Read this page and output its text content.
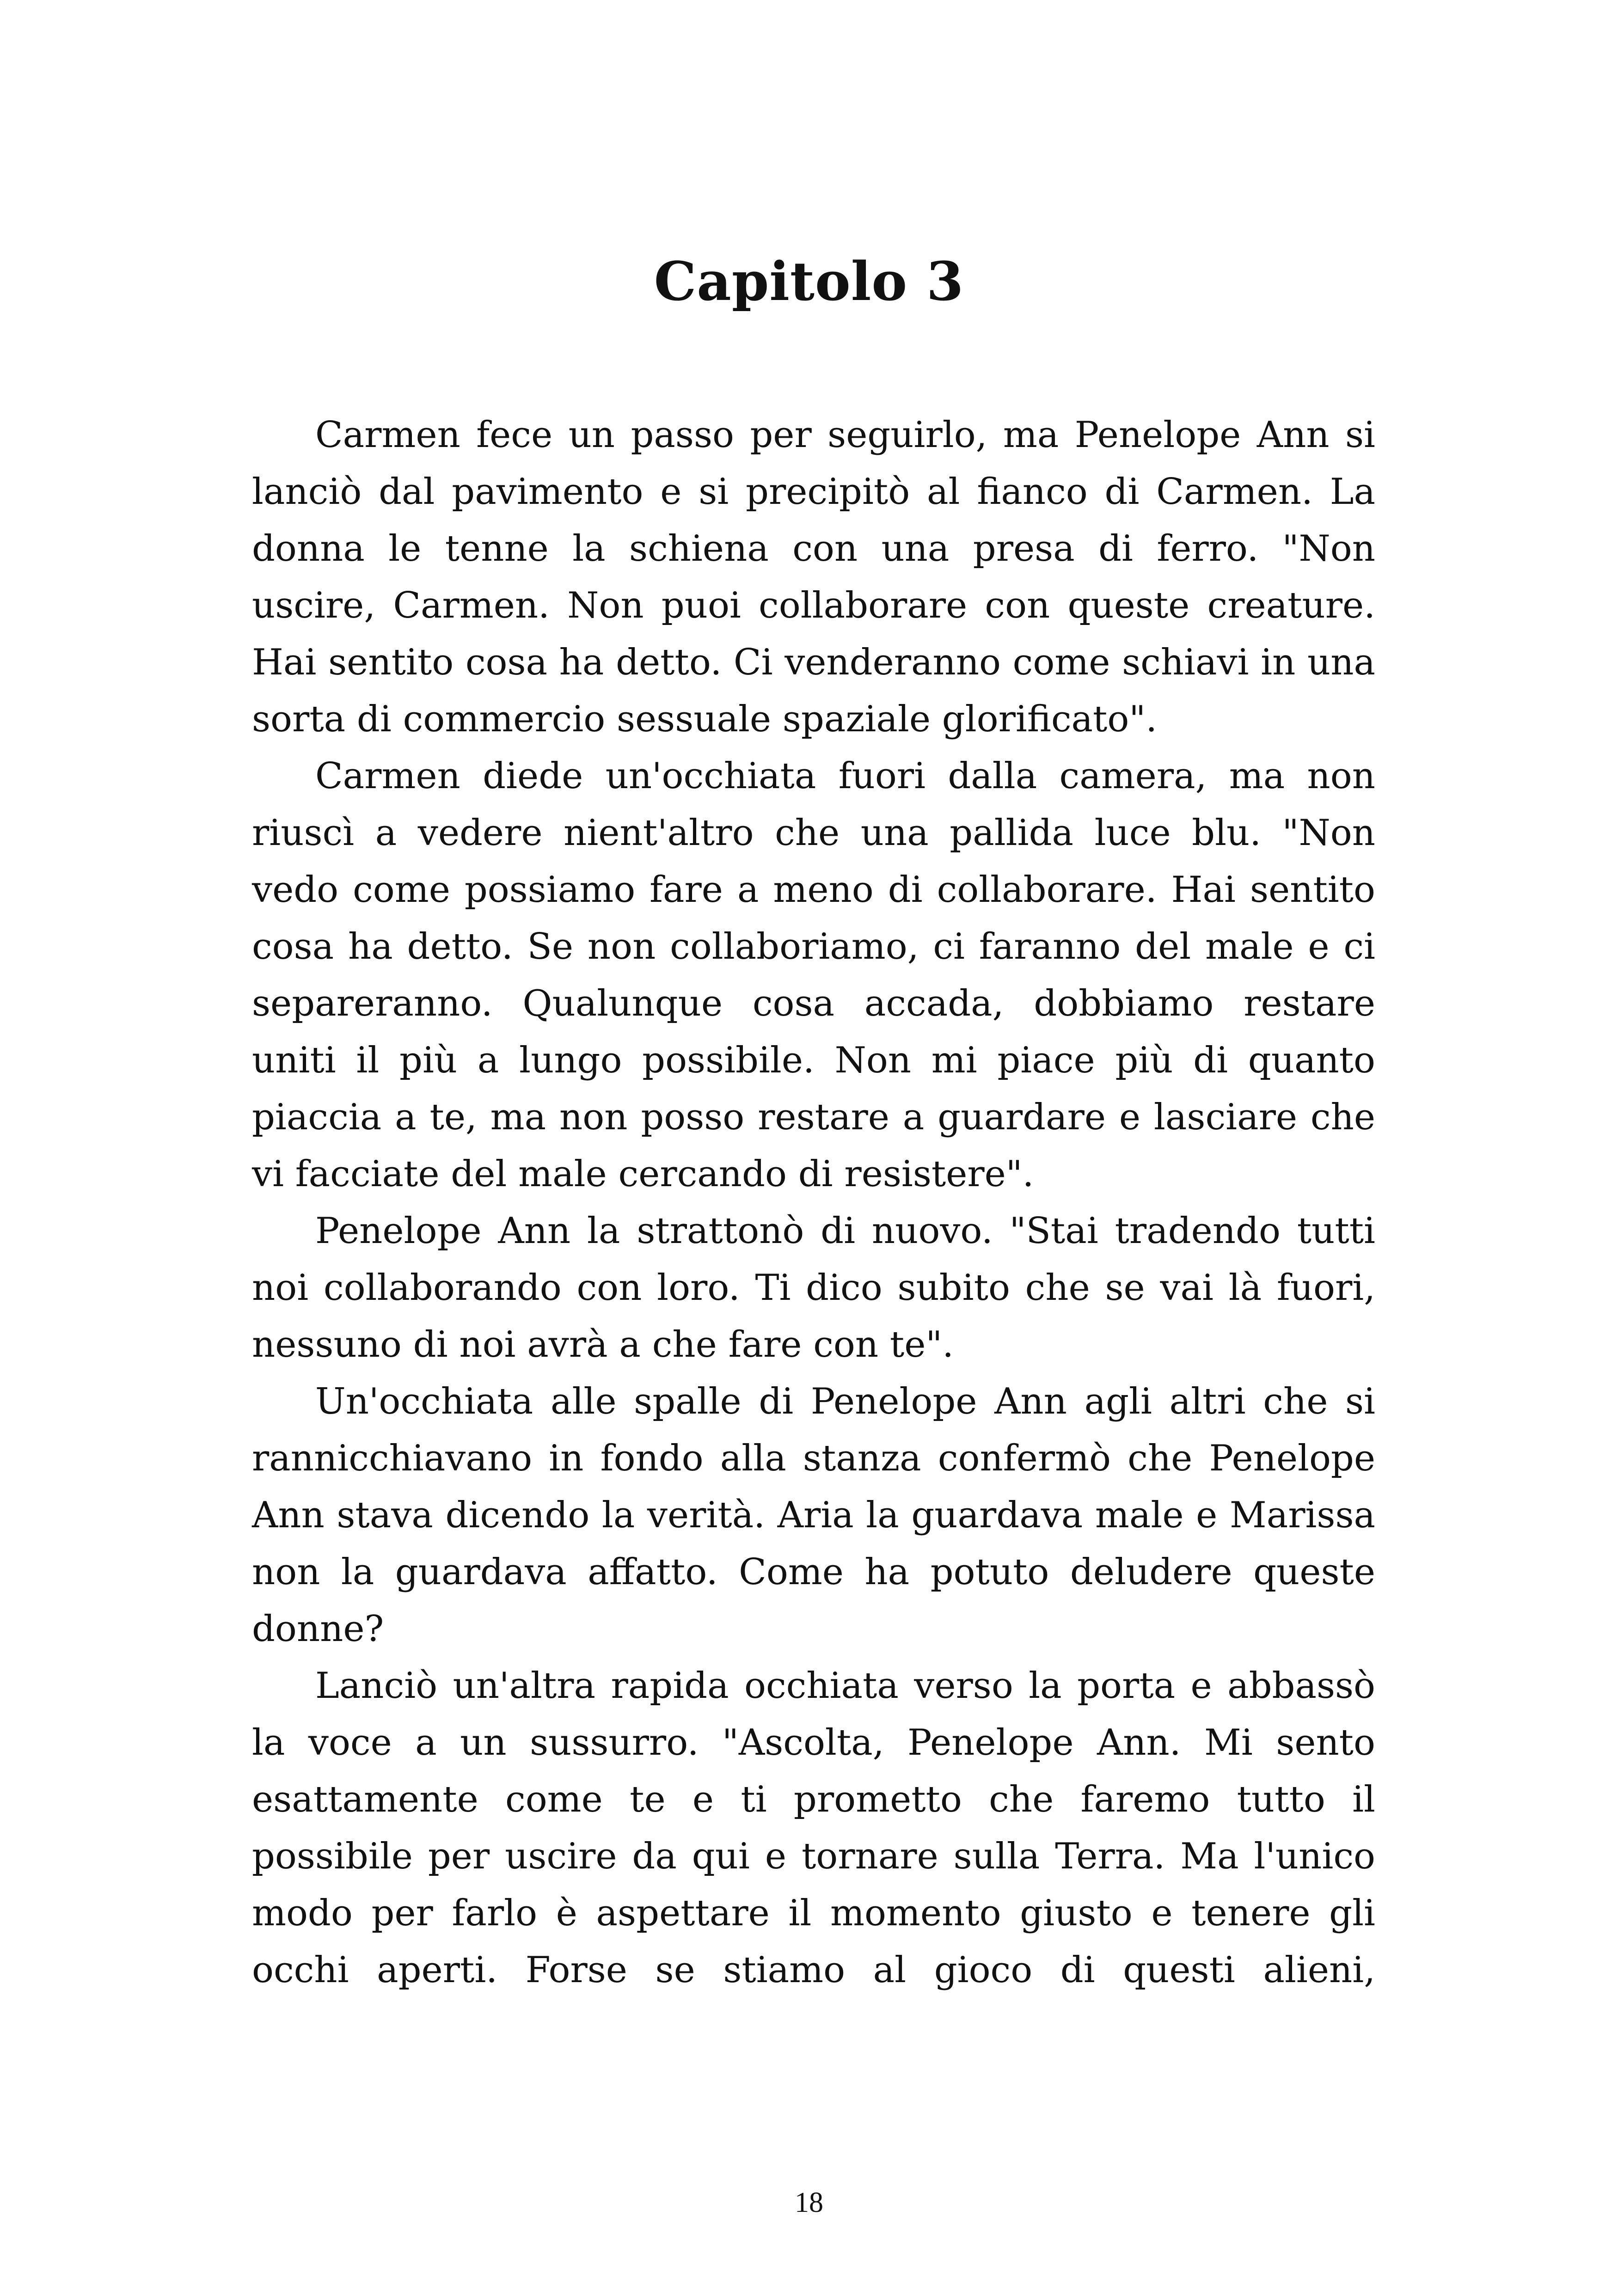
Capitolo 3

Carmen fece un passo per seguirlo, ma Penelope Ann si lanciò dal pavimento e si precipitò al fianco di Carmen. La donna le tenne la schiena con una presa di ferro. "Non uscire, Carmen. Non puoi collaborare con queste creature. Hai sentito cosa ha detto. Ci venderanno come schiavi in una sorta di commercio sessuale spaziale glorificato".

Carmen diede un'occhiata fuori dalla camera, ma non riuscì a vedere nient'altro che una pallida luce blu. "Non vedo come possiamo fare a meno di collaborare. Hai sentito cosa ha detto. Se non collaboriamo, ci faranno del male e ci separeranno. Qualunque cosa accada, dobbiamo restare uniti il più a lungo possibile. Non mi piace più di quanto piaccia a te, ma non posso restare a guardare e lasciare che vi facciate del male cercando di resistere".

Penelope Ann la strattonò di nuovo. "Stai tradendo tutti noi collaborando con loro. Ti dico subito che se vai là fuori, nessuno di noi avrà a che fare con te".

Un'occhiata alle spalle di Penelope Ann agli altri che si rannicchiavano in fondo alla stanza confermò che Penelope Ann stava dicendo la verità. Aria la guardava male e Marissa non la guardava affatto. Come ha potuto deludere queste donne?

Lanciò un'altra rapida occhiata verso la porta e abbassò la voce a un sussurro. "Ascolta, Penelope Ann. Mi sento esattamente come te e ti prometto che faremo tutto il possibile per uscire da qui e tornare sulla Terra. Ma l'unico modo per farlo è aspettare il momento giusto e tenere gli occhi aperti. Forse se stiamo al gioco di questi alieni,

18
